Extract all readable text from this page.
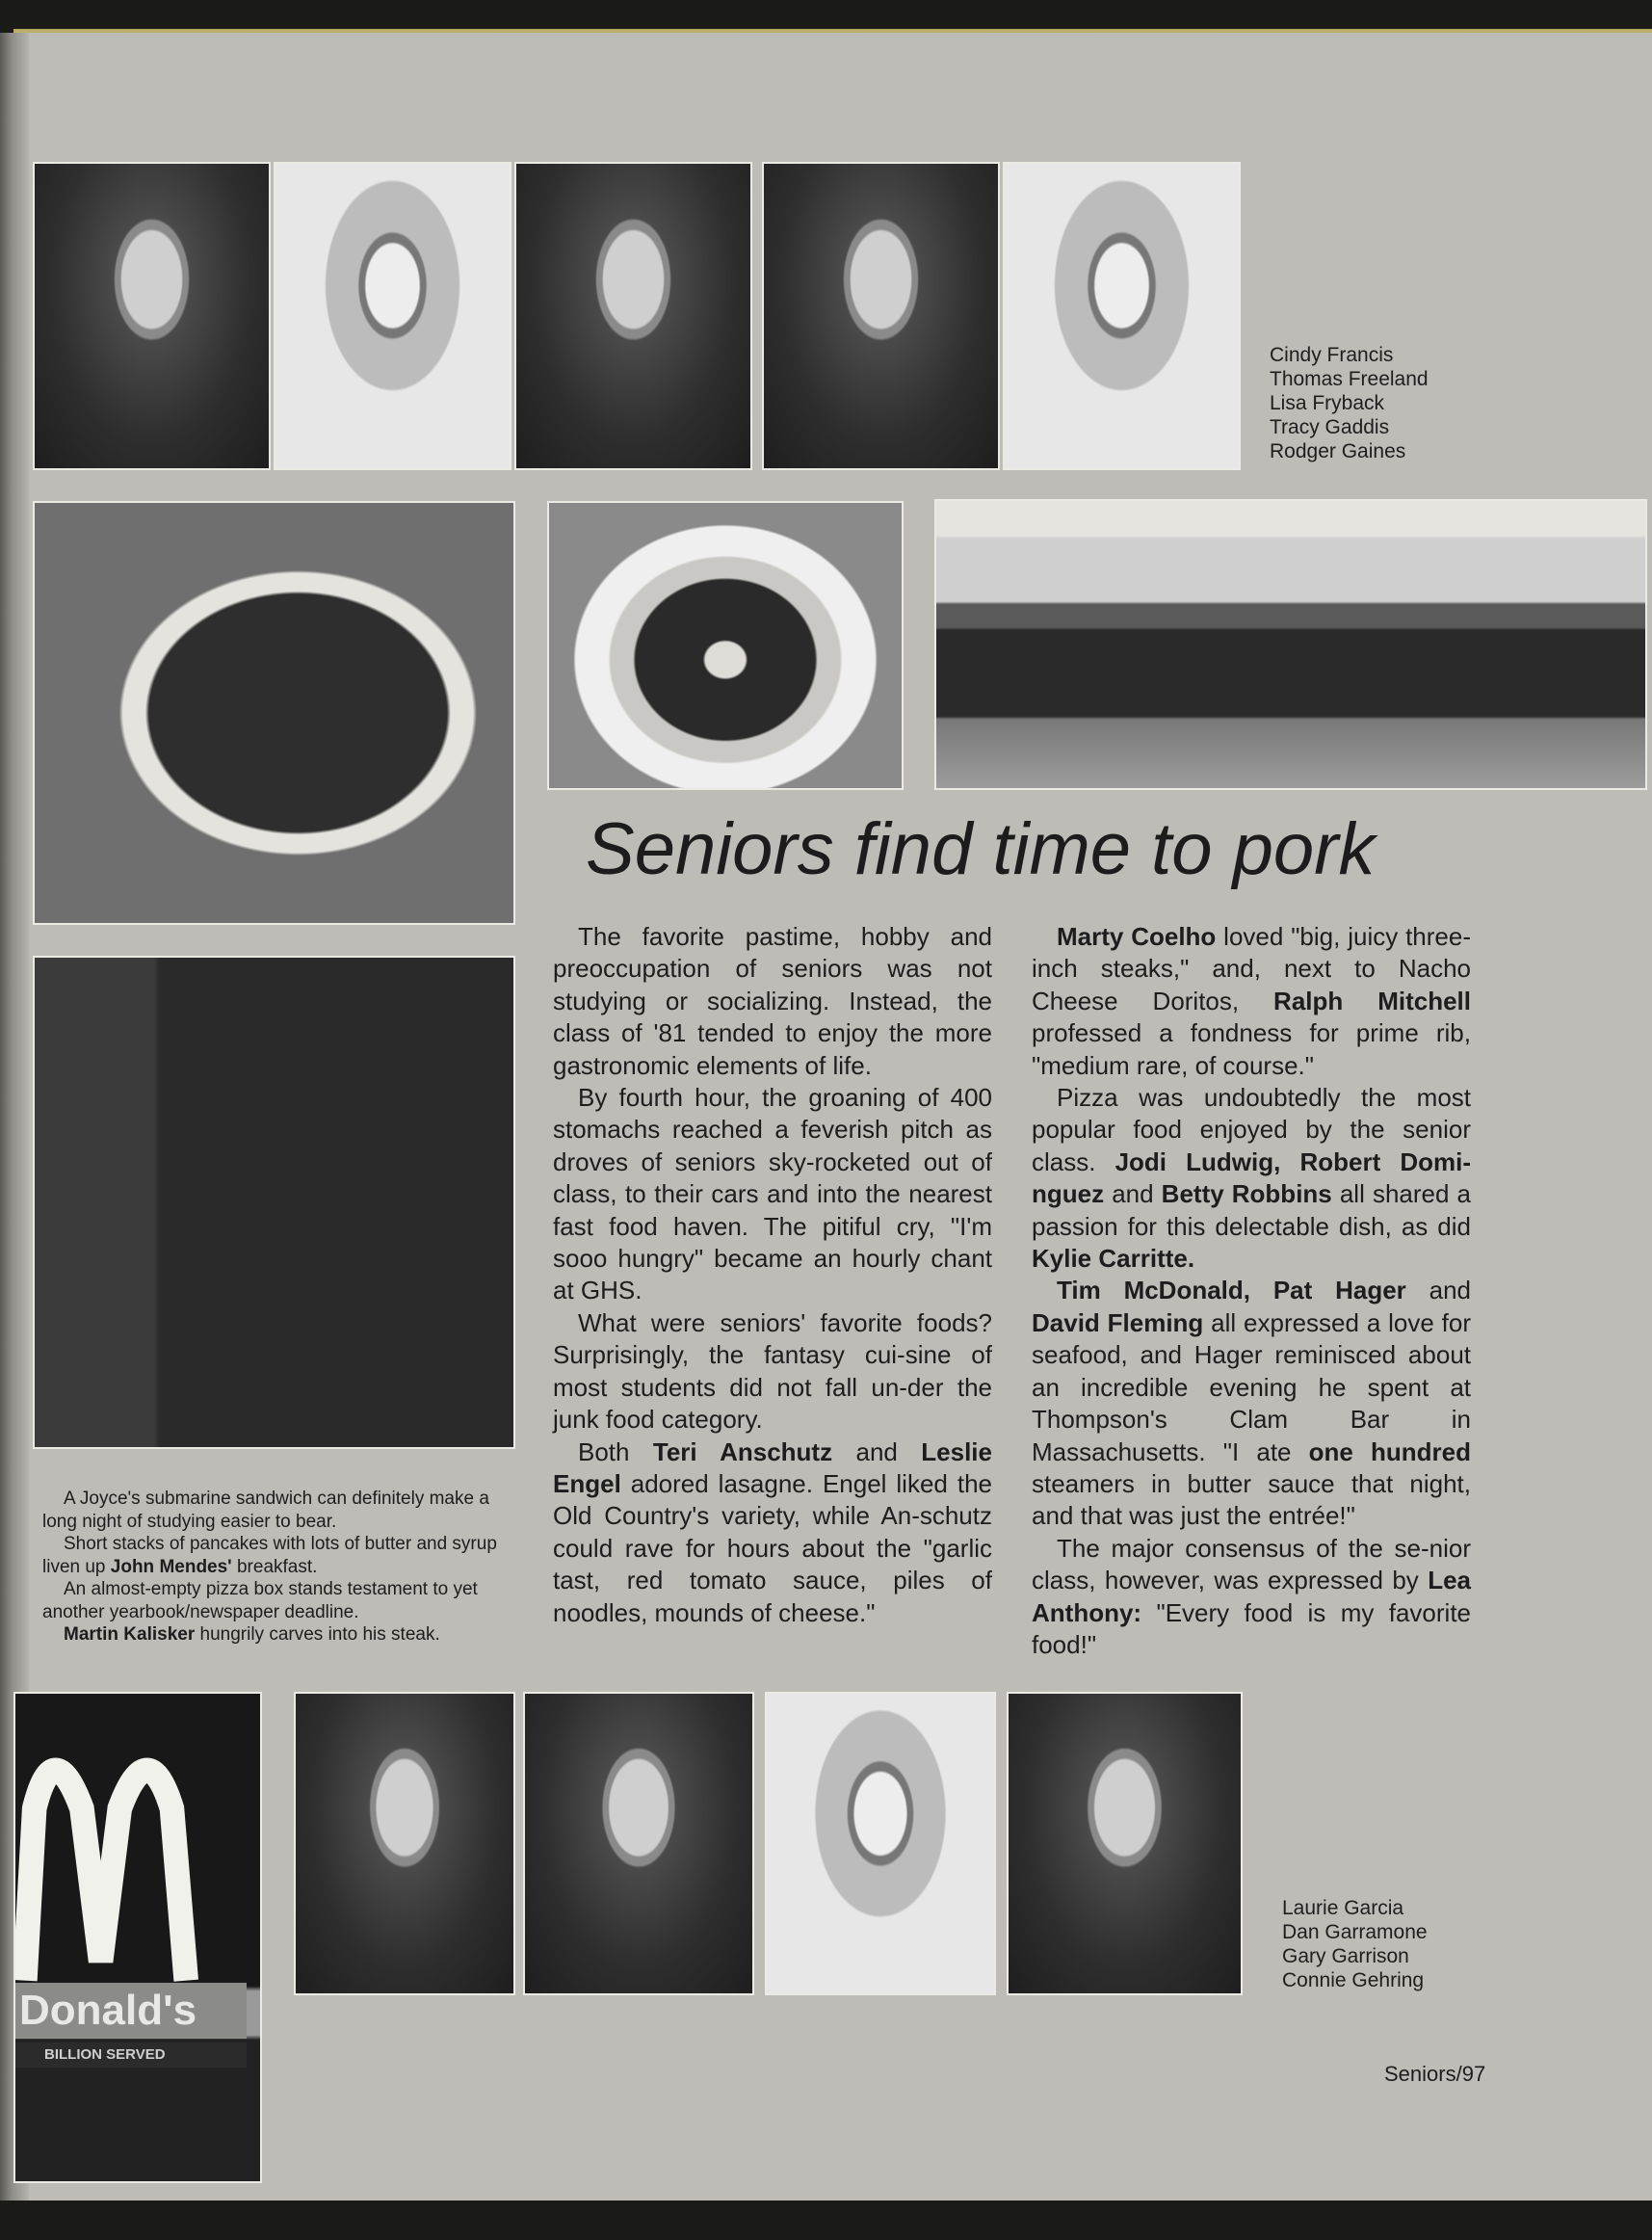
Cindy Francis
Thomas Freeland
Lisa Fryback
Tracy Gaddis
Rodger Gaines
Seniors find time to pork

A Joyce's submarine sandwich can definitely make a long night of studying easier to bear.

Short stacks of pancakes with lots of butter and syrup liven up John Mendes' breakfast.

An almost-empty pizza box stands testament to yet another yearbook/newspaper deadline.

Martin Kalisker hungrily carves into his steak.

The favorite pastime, hobby and preoccupation of seniors was not studying or socializing. Instead, the class of '81 tended to enjoy the more gastronomic elements of life.

By fourth hour, the groaning of 400 stomachs reached a feverish pitch as droves of seniors sky-rocketed out of class, to their cars and into the nearest fast food haven. The pitiful cry, "I'm sooo hungry" became an hourly chant at GHS.

What were seniors' favorite foods? Surprisingly, the fantasy cui-sine of most students did not fall un-der the junk food category.

Both Teri Anschutz and Leslie Engel adored lasagne. Engel liked the Old Country's variety, while An-schutz could rave for hours about the "garlic tast, red tomato sauce, piles of noodles, mounds of cheese."

Marty Coelho loved "big, juicy three-inch steaks," and, next to Nacho Cheese Doritos, Ralph Mitchell professed a fondness for prime rib, "medium rare, of course."

Pizza was undoubtedly the most popular food enjoyed by the senior class. Jodi Ludwig, Robert Domi-nguez and Betty Robbins all shared a passion for this delectable dish, as did Kylie Carritte.

Tim McDonald, Pat Hager and David Fleming all expressed a love for seafood, and Hager reminisced about an incredible evening he spent at Thompson's Clam Bar in Massachusetts. "I ate one hundred steamers in butter sauce that night, and that was just the entrée!"

The major consensus of the se-nior class, however, was expressed by Lea Anthony: "Every food is my favorite food!"

Donald's
BILLION SERVED
Laurie Garcia
Dan Garramone
Gary Garrison
Connie Gehring
Seniors/97
